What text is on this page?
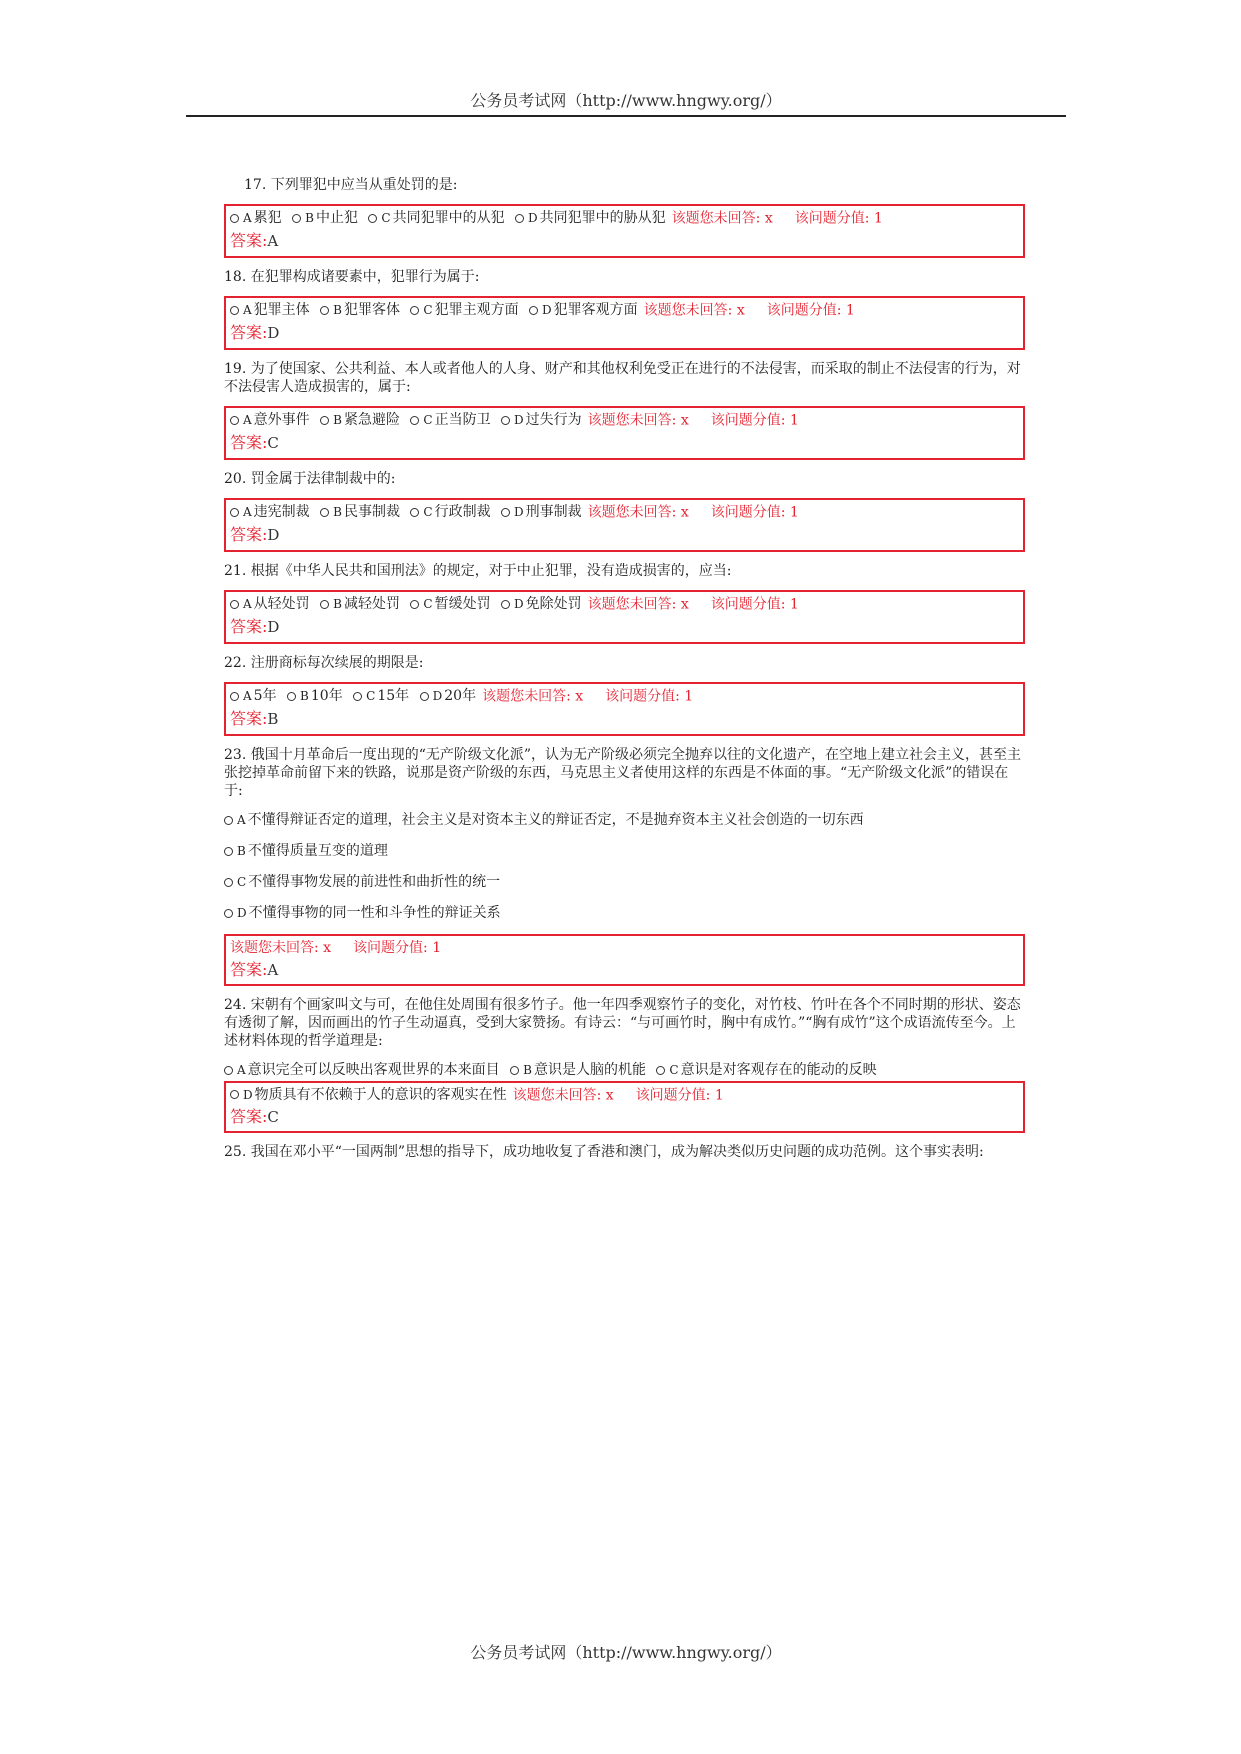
公务员考试网（http://www.hngwy.org/）
17. 下列罪犯中应当从重处罚的是:
A 累犯
B 中止犯
C 共同犯罪中的从犯
D 共同犯罪中的胁从犯 该题您未回答: x 该问题分值: 1
答案:A
18. 在犯罪构成诸要素中，犯罪行为属于:
A 犯罪主体
B 犯罪客体
C 犯罪主观方面
D 犯罪客观方面 该题您未回答: x 该问题分值: 1
答案:D
19. 为了使国家、公共利益、本人或者他人的人身、财产和其他权利免受正在进行的不法侵害，而采取的制止不法侵害的行为，对不法侵害人造成损害的，属于:
A 意外事件
B 紧急避险
C 正当防卫
D 过失行为 该题您未回答: x 该问题分值: 1
答案:C
20. 罚金属于法律制裁中的:
A 违宪制裁
B 民事制裁
C 行政制裁
D 刑事制裁 该题您未回答: x 该问题分值: 1
答案:D
21. 根据《中华人民共和国刑法》的规定，对于中止犯罪，没有造成损害的，应当:
A 从轻处罚
B 减轻处罚
C 暂缓处罚
D 免除处罚 该题您未回答: x 该问题分值: 1
答案:D
22. 注册商标每次续展的期限是:
A 5年
B 10年
C 15年
D 20年 该题您未回答: x 该问题分值: 1
答案:B
23. 俄国十月革命后一度出现的“无产阶级文化派”，认为无产阶级必须完全抛弃以往的文化遗产，在空地上建立社会主义，甚至主张挖掉革命前留下来的铁路，说那是资产阶级的东西，马克思主义者使用这样的东西是不体面的事。“无产阶级文化派”的错误在于:
A 不懂得辩证否定的道理，社会主义是对资本主义的辩证否定，不是抛弃资本主义社会创造的一切东西
B 不懂得质量互变的道理
C 不懂得事物发展的前进性和曲折性的统一
D 不懂得事物的同一性和斗争性的辩证关系
该题您未回答: x 该问题分值: 1
答案:A
24. 宋朝有个画家叫文与可，在他住处周围有很多竹子。他一年四季观察竹子的变化，对竹枝、竹叶在各个不同时期的形状、姿态有透彻了解，因而画出的竹子生动逼真，受到大家赞扬。有诗云：“与可画竹时，胸中有成竹。”“胸有成竹”这个成语流传至今。上述材料体现的哲学道理是:
A 意识完全可以反映出客观世界的本来面目
B 意识是人脑的机能
C 意识是对客观存在的能动的反映
D 物质具有不依赖于人的意识的客观实在性 该题您未回答: x 该问题分值: 1
答案:C
25. 我国在邓小平“一国两制”思想的指导下，成功地收复了香港和澳门，成为解决类似历史问题的成功范例。这个事实表明:
公务员考试网（http://www.hngwy.org/）
